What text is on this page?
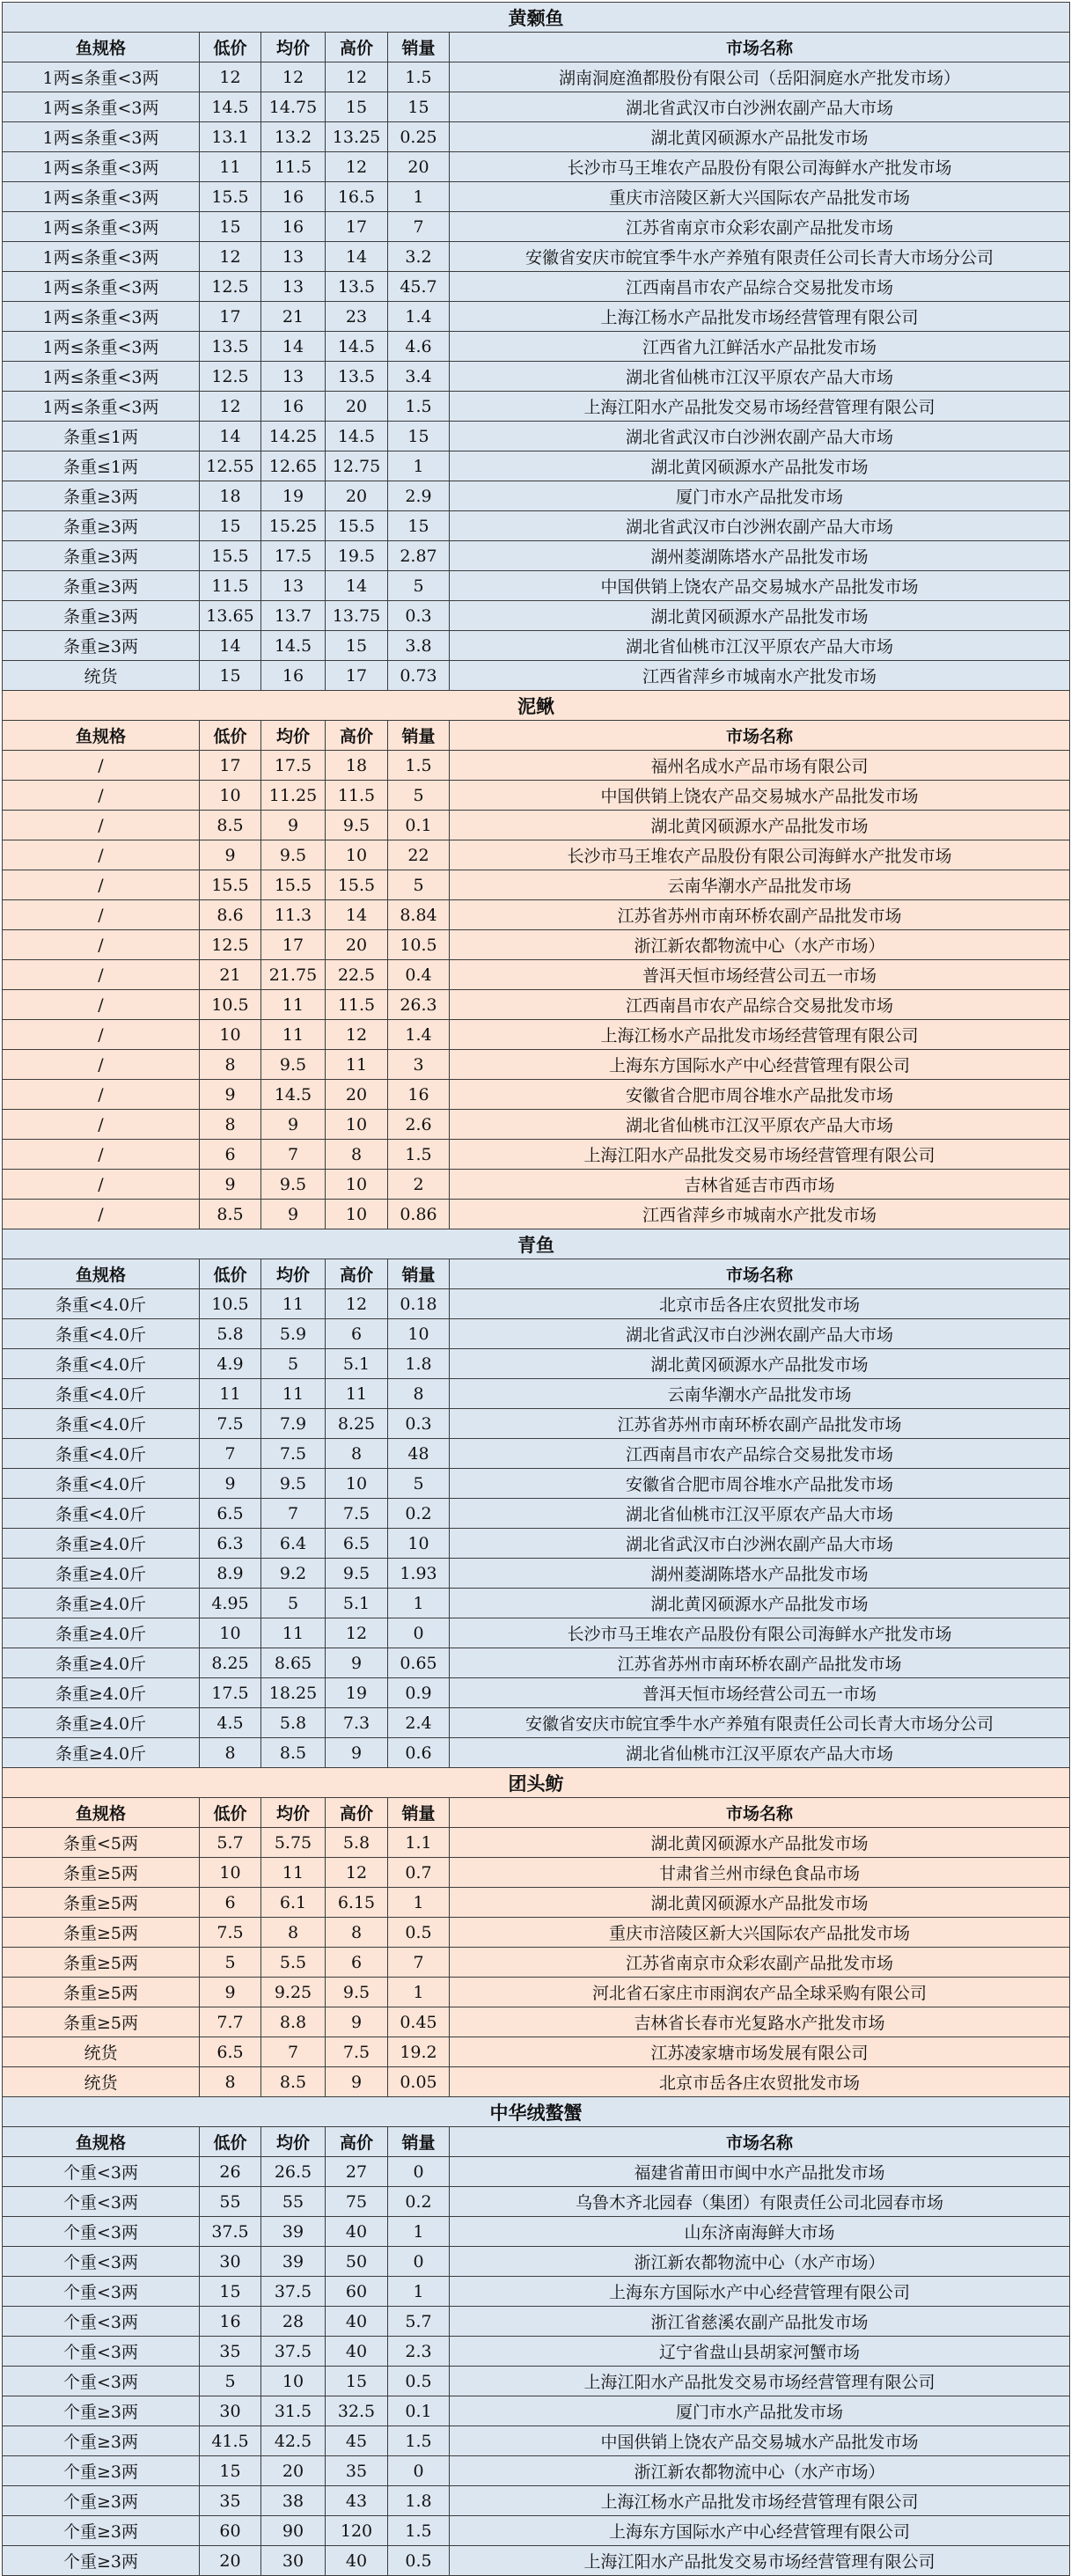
黄颡鱼					
鱼规格	低价	均价	高价	销量	市场名称
1两≤条重<3两	12	12	12	1.5	湖南洞庭渔都股份有限公司（岳阳洞庭水产批发市场）
1两≤条重<3两	14.5	14.75	15	15	湖北省武汉市白沙洲农副产品大市场
1两≤条重<3两	13.1	13.2	13.25	0.25	湖北黄冈硕源水产品批发市场
1两≤条重<3两	11	11.5	12	20	长沙市马王堆农产品股份有限公司海鲜水产批发市场
1两≤条重<3两	15.5	16	16.5	1	重庆市涪陵区新大兴国际农产品批发市场
1两≤条重<3两	15	16	17	7	江苏省南京市众彩农副产品批发市场
1两≤条重<3两	12	13	14	3.2	安徽省安庆市皖宜季牛水产养殖有限责任公司长青大市场分公司
1两≤条重<3两	12.5	13	13.5	45.7	江西南昌市农产品综合交易批发市场
1两≤条重<3两	17	21	23	1.4	上海江杨水产品批发市场经营管理有限公司
1两≤条重<3两	13.5	14	14.5	4.6	江西省九江鲜活水产品批发市场
1两≤条重<3两	12.5	13	13.5	3.4	湖北省仙桃市江汉平原农产品大市场
1两≤条重<3两	12	16	20	1.5	上海江阳水产品批发交易市场经营管理有限公司
条重≤1两	14	14.25	14.5	15	湖北省武汉市白沙洲农副产品大市场
条重≤1两	12.55	12.65	12.75	1	湖北黄冈硕源水产品批发市场
条重≥3两	18	19	20	2.9	厦门市水产品批发市场
条重≥3两	15	15.25	15.5	15	湖北省武汉市白沙洲农副产品大市场
条重≥3两	15.5	17.5	19.5	2.87	湖州菱湖陈塔水产品批发市场
条重≥3两	11.5	13	14	5	中国供销上饶农产品交易城水产品批发市场
条重≥3两	13.65	13.7	13.75	0.3	湖北黄冈硕源水产品批发市场
条重≥3两	14	14.5	15	3.8	湖北省仙桃市江汉平原农产品大市场
统货	15	16	17	0.73	江西省萍乡市城南水产批发市场
泥鳅					
鱼规格	低价	均价	高价	销量	市场名称
/	17	17.5	18	1.5	福州名成水产品市场有限公司
/	10	11.25	11.5	5	中国供销上饶农产品交易城水产品批发市场
/	8.5	9	9.5	0.1	湖北黄冈硕源水产品批发市场
/	9	9.5	10	22	长沙市马王堆农产品股份有限公司海鲜水产批发市场
/	15.5	15.5	15.5	5	云南华潮水产品批发市场
/	8.6	11.3	14	8.84	江苏省苏州市南环桥农副产品批发市场
/	12.5	17	20	10.5	浙江新农都物流中心（水产市场）
/	21	21.75	22.5	0.4	普洱天恒市场经营公司五一市场
/	10.5	11	11.5	26.3	江西南昌市农产品综合交易批发市场
/	10	11	12	1.4	上海江杨水产品批发市场经营管理有限公司
/	8	9.5	11	3	上海东方国际水产中心经营管理有限公司
/	9	14.5	20	16	安徽省合肥市周谷堆水产品批发市场
/	8	9	10	2.6	湖北省仙桃市江汉平原农产品大市场
/	6	7	8	1.5	上海江阳水产品批发交易市场经营管理有限公司
/	9	9.5	10	2	吉林省延吉市西市场
/	8.5	9	10	0.86	江西省萍乡市城南水产批发市场
青鱼					
鱼规格	低价	均价	高价	销量	市场名称
条重<4.0斤	10.5	11	12	0.18	北京市岳各庄农贸批发市场
条重<4.0斤	5.8	5.9	6	10	湖北省武汉市白沙洲农副产品大市场
条重<4.0斤	4.9	5	5.1	1.8	湖北黄冈硕源水产品批发市场
条重<4.0斤	11	11	11	8	云南华潮水产品批发市场
条重<4.0斤	7.5	7.9	8.25	0.3	江苏省苏州市南环桥农副产品批发市场
条重<4.0斤	7	7.5	8	48	江西南昌市农产品综合交易批发市场
条重<4.0斤	9	9.5	10	5	安徽省合肥市周谷堆水产品批发市场
条重<4.0斤	6.5	7	7.5	0.2	湖北省仙桃市江汉平原农产品大市场
条重≥4.0斤	6.3	6.4	6.5	10	湖北省武汉市白沙洲农副产品大市场
条重≥4.0斤	8.9	9.2	9.5	1.93	湖州菱湖陈塔水产品批发市场
条重≥4.0斤	4.95	5	5.1	1	湖北黄冈硕源水产品批发市场
条重≥4.0斤	10	11	12	0	长沙市马王堆农产品股份有限公司海鲜水产批发市场
条重≥4.0斤	8.25	8.65	9	0.65	江苏省苏州市南环桥农副产品批发市场
条重≥4.0斤	17.5	18.25	19	0.9	普洱天恒市场经营公司五一市场
条重≥4.0斤	4.5	5.8	7.3	2.4	安徽省安庆市皖宜季牛水产养殖有限责任公司长青大市场分公司
条重≥4.0斤	8	8.5	9	0.6	湖北省仙桃市江汉平原农产品大市场
团头鲂					
鱼规格	低价	均价	高价	销量	市场名称
条重<5两	5.7	5.75	5.8	1.1	湖北黄冈硕源水产品批发市场
条重≥5两	10	11	12	0.7	甘肃省兰州市绿色食品市场
条重≥5两	6	6.1	6.15	1	湖北黄冈硕源水产品批发市场
条重≥5两	7.5	8	8	0.5	重庆市涪陵区新大兴国际农产品批发市场
条重≥5两	5	5.5	6	7	江苏省南京市众彩农副产品批发市场
条重≥5两	9	9.25	9.5	1	河北省石家庄市雨润农产品全球采购有限公司
条重≥5两	7.7	8.8	9	0.45	吉林省长春市光复路水产批发市场
统货	6.5	7	7.5	19.2	江苏凌家塘市场发展有限公司
统货	8	8.5	9	0.05	北京市岳各庄农贸批发市场
中华绒螯蟹					
鱼规格	低价	均价	高价	销量	市场名称
个重<3两	26	26.5	27	0	福建省莆田市闽中水产品批发市场
个重<3两	55	55	75	0.2	乌鲁木齐北园春（集团）有限责任公司北园春市场
个重<3两	37.5	39	40	1	山东济南海鲜大市场
个重<3两	30	39	50	0	浙江新农都物流中心（水产市场）
个重<3两	15	37.5	60	1	上海东方国际水产中心经营管理有限公司
个重<3两	16	28	40	5.7	浙江省慈溪农副产品批发市场
个重<3两	35	37.5	40	2.3	辽宁省盘山县胡家河蟹市场
个重<3两	5	10	15	0.5	上海江阳水产品批发交易市场经营管理有限公司
个重≥3两	30	31.5	32.5	0.1	厦门市水产品批发市场
个重≥3两	41.5	42.5	45	1.5	中国供销上饶农产品交易城水产品批发市场
个重≥3两	15	20	35	0	浙江新农都物流中心（水产市场）
个重≥3两	35	38	43	1.8	上海江杨水产品批发市场经营管理有限公司
个重≥3两	60	90	120	1.5	上海东方国际水产中心经营管理有限公司
个重≥3两	20	30	40	0.5	上海江阳水产品批发交易市场经营管理有限公司
